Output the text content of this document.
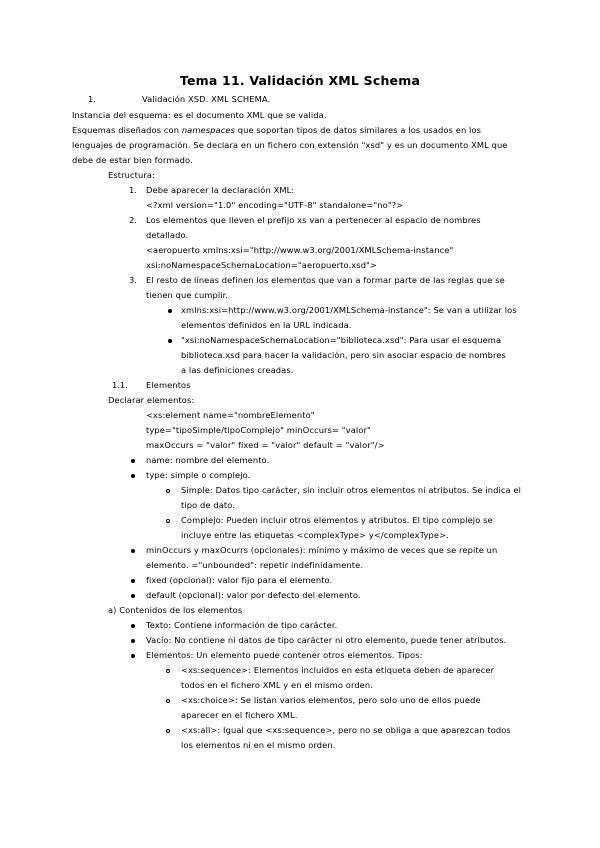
Tema 11. Validación XML Schema
1.	Validación XSD. XML SCHEMA.
Instancia del esquema: es el documento XML que se valida.
Esquemas diseñados con namespaces que soportan tipos de datos similares a los usados en los
lenguajes de programación. Se declara en un fichero con extensión "xsd" y es un documento XML que
debe de estar bien formado.
Estructura:
1. Debe aparecer la declaración XML:
<?xml version="1.0" encoding="UTF-8" standalone="no"?>
2. Los elementos que lleven el prefijo xs van a pertenecer al espacio de nombres
detallado.
<aeropuerto xmlns:xsi="http://www.w3.org/2001/XMLSchema-instance"
xsi:noNamespaceSchemaLocation="aeropuerto.xsd">
3. El resto de líneas definen los elementos que van a formar parte de las reglas que se
tienen que cumplir.
xmlns:xsi=http://www.w3.org/2001/XMLSchema-instance": Se van a utilizar los
elementos definidos en la URL indicada.
"xsi:noNamespaceSchemaLocation="biblioteca.xsd": Para usar el esquema
biblioteca.xsd para hacer la validación, pero sin asociar espacio de nombres
a las definiciones creadas.
1.1. Elementos
Declarar elementos:
<xs:element name="nombreElemento"
type="tipoSimple/tipoComplejo" minOccurs= "valor"
maxOccurs = "valor" fixed = "valor" default = "valor"/>
name: nombre del elemento.
type: simple o complejo.
Simple: Datos tipo carácter, sin incluir otros elementos ni atributos. Se indica el
tipo de dato.
Complejo: Pueden incluir otros elementos y atributos. El tipo complejo se
incluye entre las etiquetas <complexType> y</complexType>.
minOccurs y maxOcurrs (opcionales): mínimo y máximo de veces que se repite un
elemento. ="unbounded": repetir indefinidamente.
fixed (opcional): valor fijo para el elemento.
default (opcional): valor por defecto del elemento.
a) Contenidos de los elementos
Texto: Contiene información de tipo carácter.
Vacío: No contiene ni datos de tipo carácter ni otro elemento, puede tener atributos.
Elementos: Un elemento puede contener otros elementos. Tipos:
<xs:sequence>: Elementos incluidos en esta etiqueta deben de aparecer
todos en el fichero XML y en el mismo orden.
<xs:choice>: Se listan varios elementos, pero solo uno de ellos puede
aparecer en el fichero XML.
<xs:all>: Igual que <xs:sequence>, pero no se obliga a que aparezcan todos
los elementos ni en el mismo orden.
